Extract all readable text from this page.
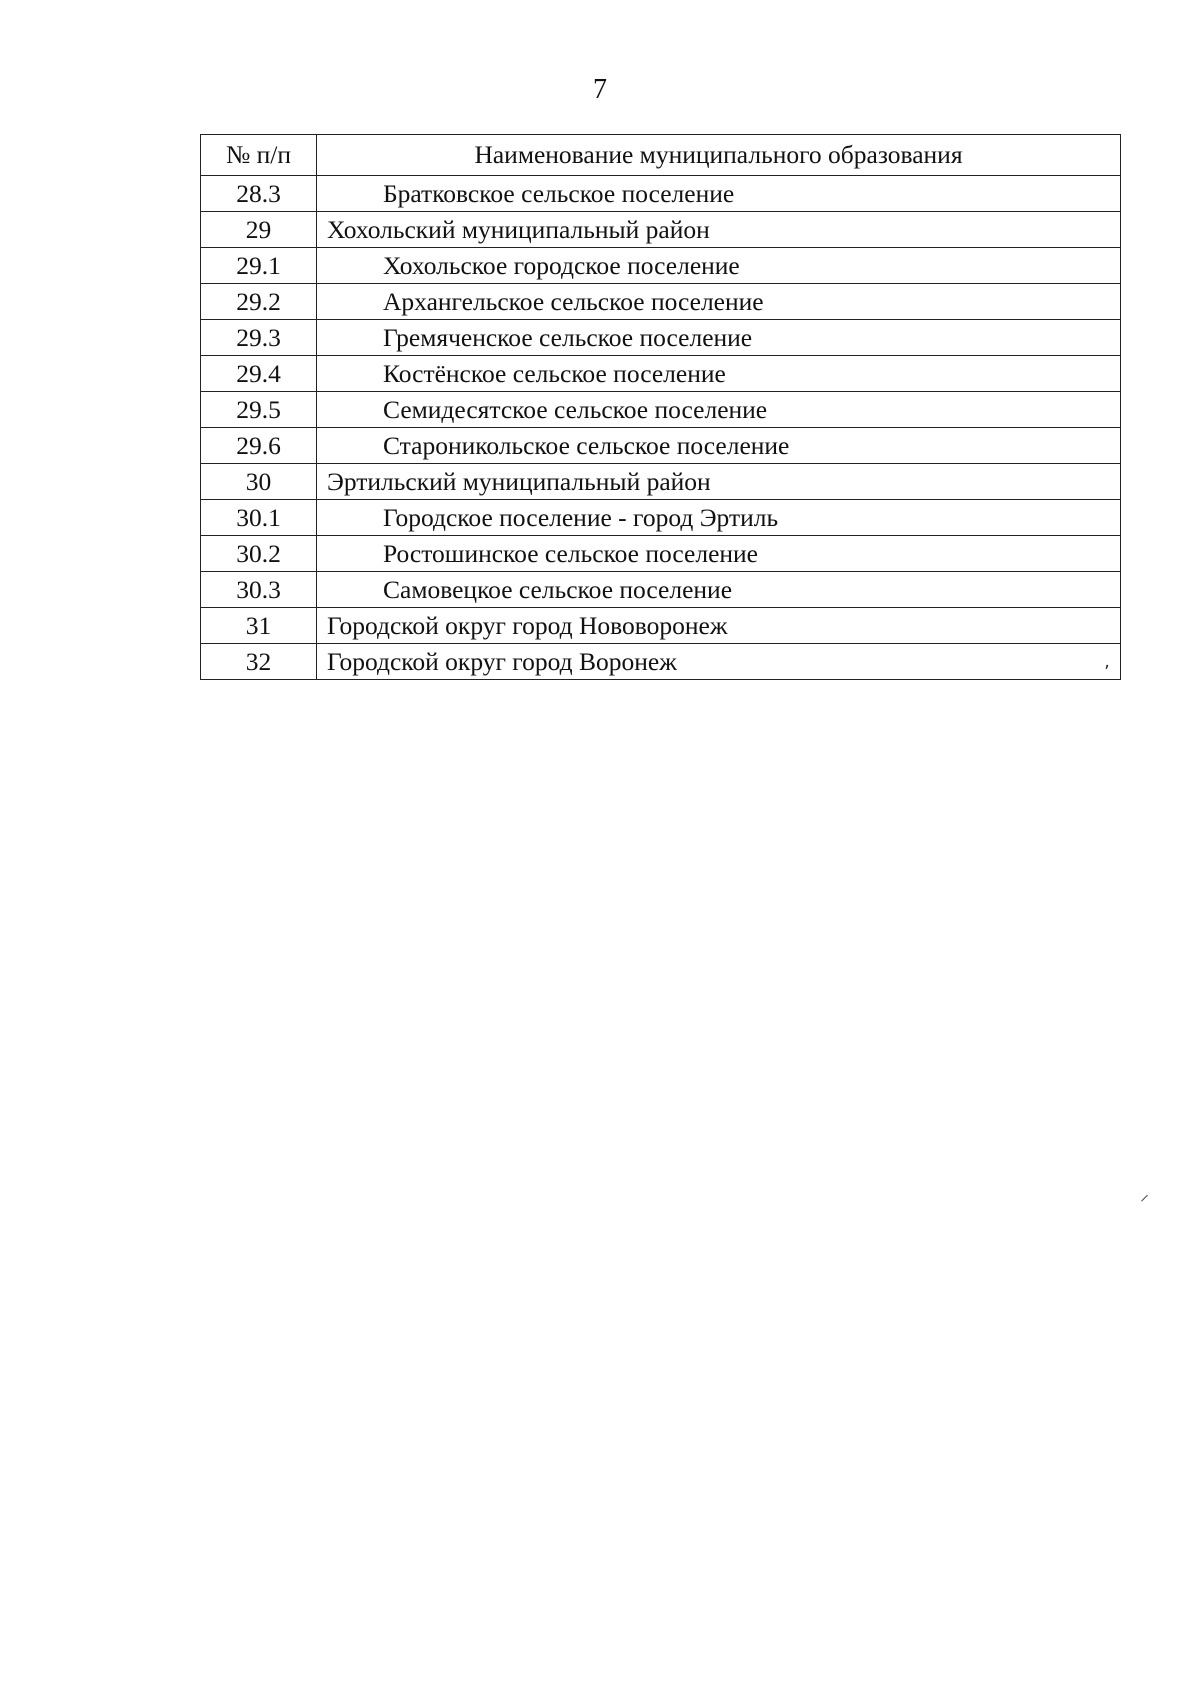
7
№ п/п	Наименование муниципального образования
28.3	Братковское сельское поселение
29	Хохольский муниципальный район
29.1	Хохольское городское поселение
29.2	Архангельское сельское поселение
29.3	Гремяченское сельское поселение
29.4	Костёнское сельское поселение
29.5	Семидесятское сельское поселение
29.6	Староникольское сельское поселение
30	Эртильский муниципальный район
30.1	Городское поселение - город Эртиль
30.2	Ростошинское сельское поселение
30.3	Самовецкое сельское поселение
31	Городской округ город Нововоронеж
32	Городской округ город Воронеж	ʼ
⸝
